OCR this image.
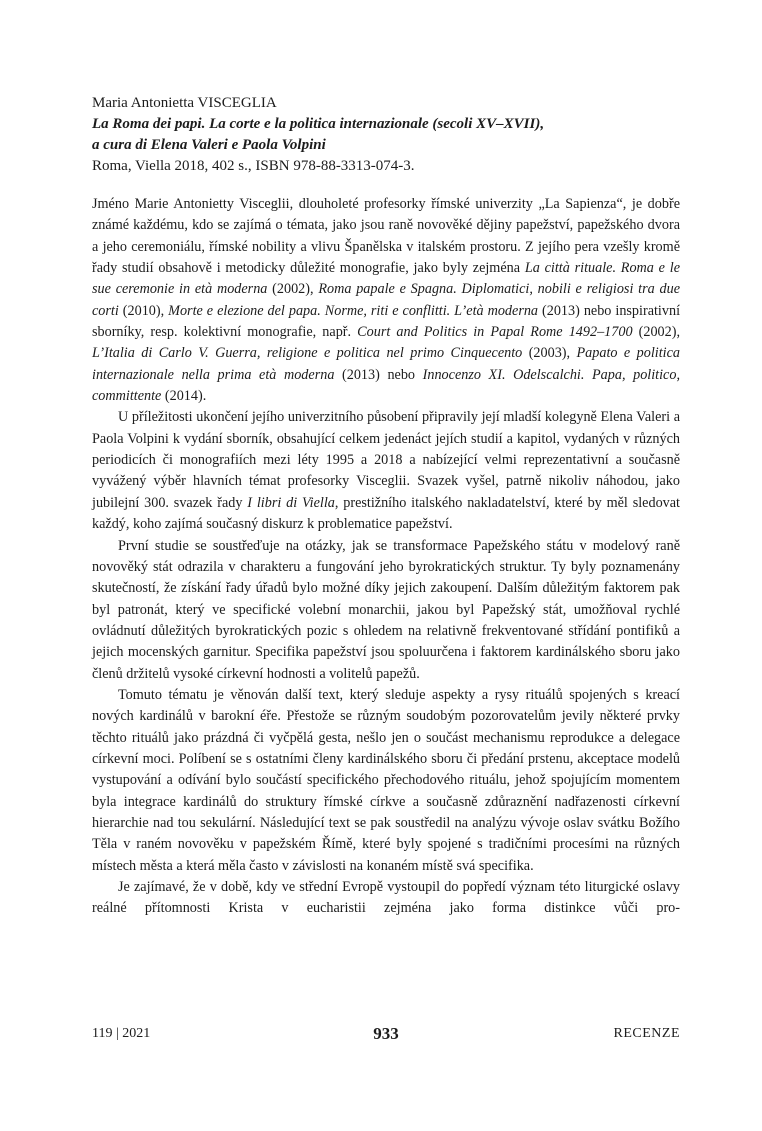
Maria Antonietta VISCEGLIA
La Roma dei papi. La corte e la politica internazionale (secoli XV–XVII),
a cura di Elena Valeri e Paola Volpini
Roma, Viella 2018, 402 s., ISBN 978-88-3313-074-3.

Jméno Marie Antonietty Viscegliі, dlouholeté profesorky římské univerzity „La Sapienza“, je dobře známé každému, kdo se zajímá o témata, jako jsou raně novověké dějiny papežství, papežského dvora a jeho ceremoniálu, římské nobility a vlivu Španělska v italském prostoru. Z jejího pera vzešly kromě řady studií obsahově i metodicky důležité monografie, jako byly zejména La città rituale. Roma e le sue ceremonie in età moderna (2002), Roma papale e Spagna. Diplomatici, nobili e religiosi tra due corti (2010), Morte e elezione del papa. Norme, riti e conflitti. L’età moderna (2013) nebo inspirativní sborníky, resp. kolektivní monografie, např. Court and Politics in Papal Rome 1492–1700 (2002), L’Italia di Carlo V. Guerra, religione e politica nel primo Cinquecento (2003), Papato e politica internazionale nella prima età moderna (2013) nebo Innocenzo XI. Odelscalchi. Papa, politico, committente (2014).

U příležitosti ukončení jejího univerzitního působení připravily její mladší kolegyně Elena Valeri a Paola Volpini k vydání sborník, obsahující celkem jedenáct jejích studií a kapitol, vydaných v různých periodicích či monografiích mezi léty 1995 a 2018 a nabízející velmi reprezentativní a současně vyvážený výběr hlavních témat profesorky Viscegliі. Svazek vyšel, patrně nikoliv náhodou, jako jubilejní 300. svazek řady I libri di Viella, prestižního italského nakladatelství, které by měl sledovat každý, koho zajímá současný diskurz k problematice papežství.

První studie se soustřeďuje na otázky, jak se transformace Papežského státu v modelový raně novověký stát odrazila v charakteru a fungování jeho byrokratických struktur. Ty byly poznamenány skutečností, že získání řady úřadů bylo možné díky jejich zakoupení. Dalším důležitým faktorem pak byl patronát, který ve specifické volební monarchii, jakou byl Papežský stát, umožňoval rychlé ovládnutí důležitých byrokratických pozic s ohledem na relativně frekventované střídání pontifiků a jejich mocenských garnitur. Specifika papežství jsou spoluurčena i faktorem kardinálského sboru jako členů držitelů vysoké církevní hodnosti a volitelů papežů.

Tomuto tématu je věnován další text, který sleduje aspekty a rysy rituálů spojených s kreací nových kardinálů v barokní éře. Přestože se různým soudobým pozorovatelům jevily některé prvky těchto rituálů jako prázdná či vyčpělá gesta, nešlo jen o součást mechanismu reprodukce a delegace církevní moci. Políbení se s ostatními členy kardinálského sboru či předání prstenu, akceptace modelů vystupování a odívání bylo součástí specifického přechodového rituálu, jehož spojujícím momentem byla integrace kardinálů do struktury římské církve a současně zdůraznění nadřazenosti církevní hierarchie nad tou sekulární. Následující text se pak soustředil na analýzu vývoje oslav svátku Božího Těla v raném novověku v papežském Římě, které byly spojené s tradičními procesími na různých místech města a která měla často v závislosti na konaném místě svá specifika.

Je zajímavé, že v době, kdy ve střední Evropě vystoupil do popředí význam této liturgické oslavy reálné přítomnosti Krista v eucharistii zejména jako forma distinkce vůči pro-

119 | 2021	933	RECENZE
